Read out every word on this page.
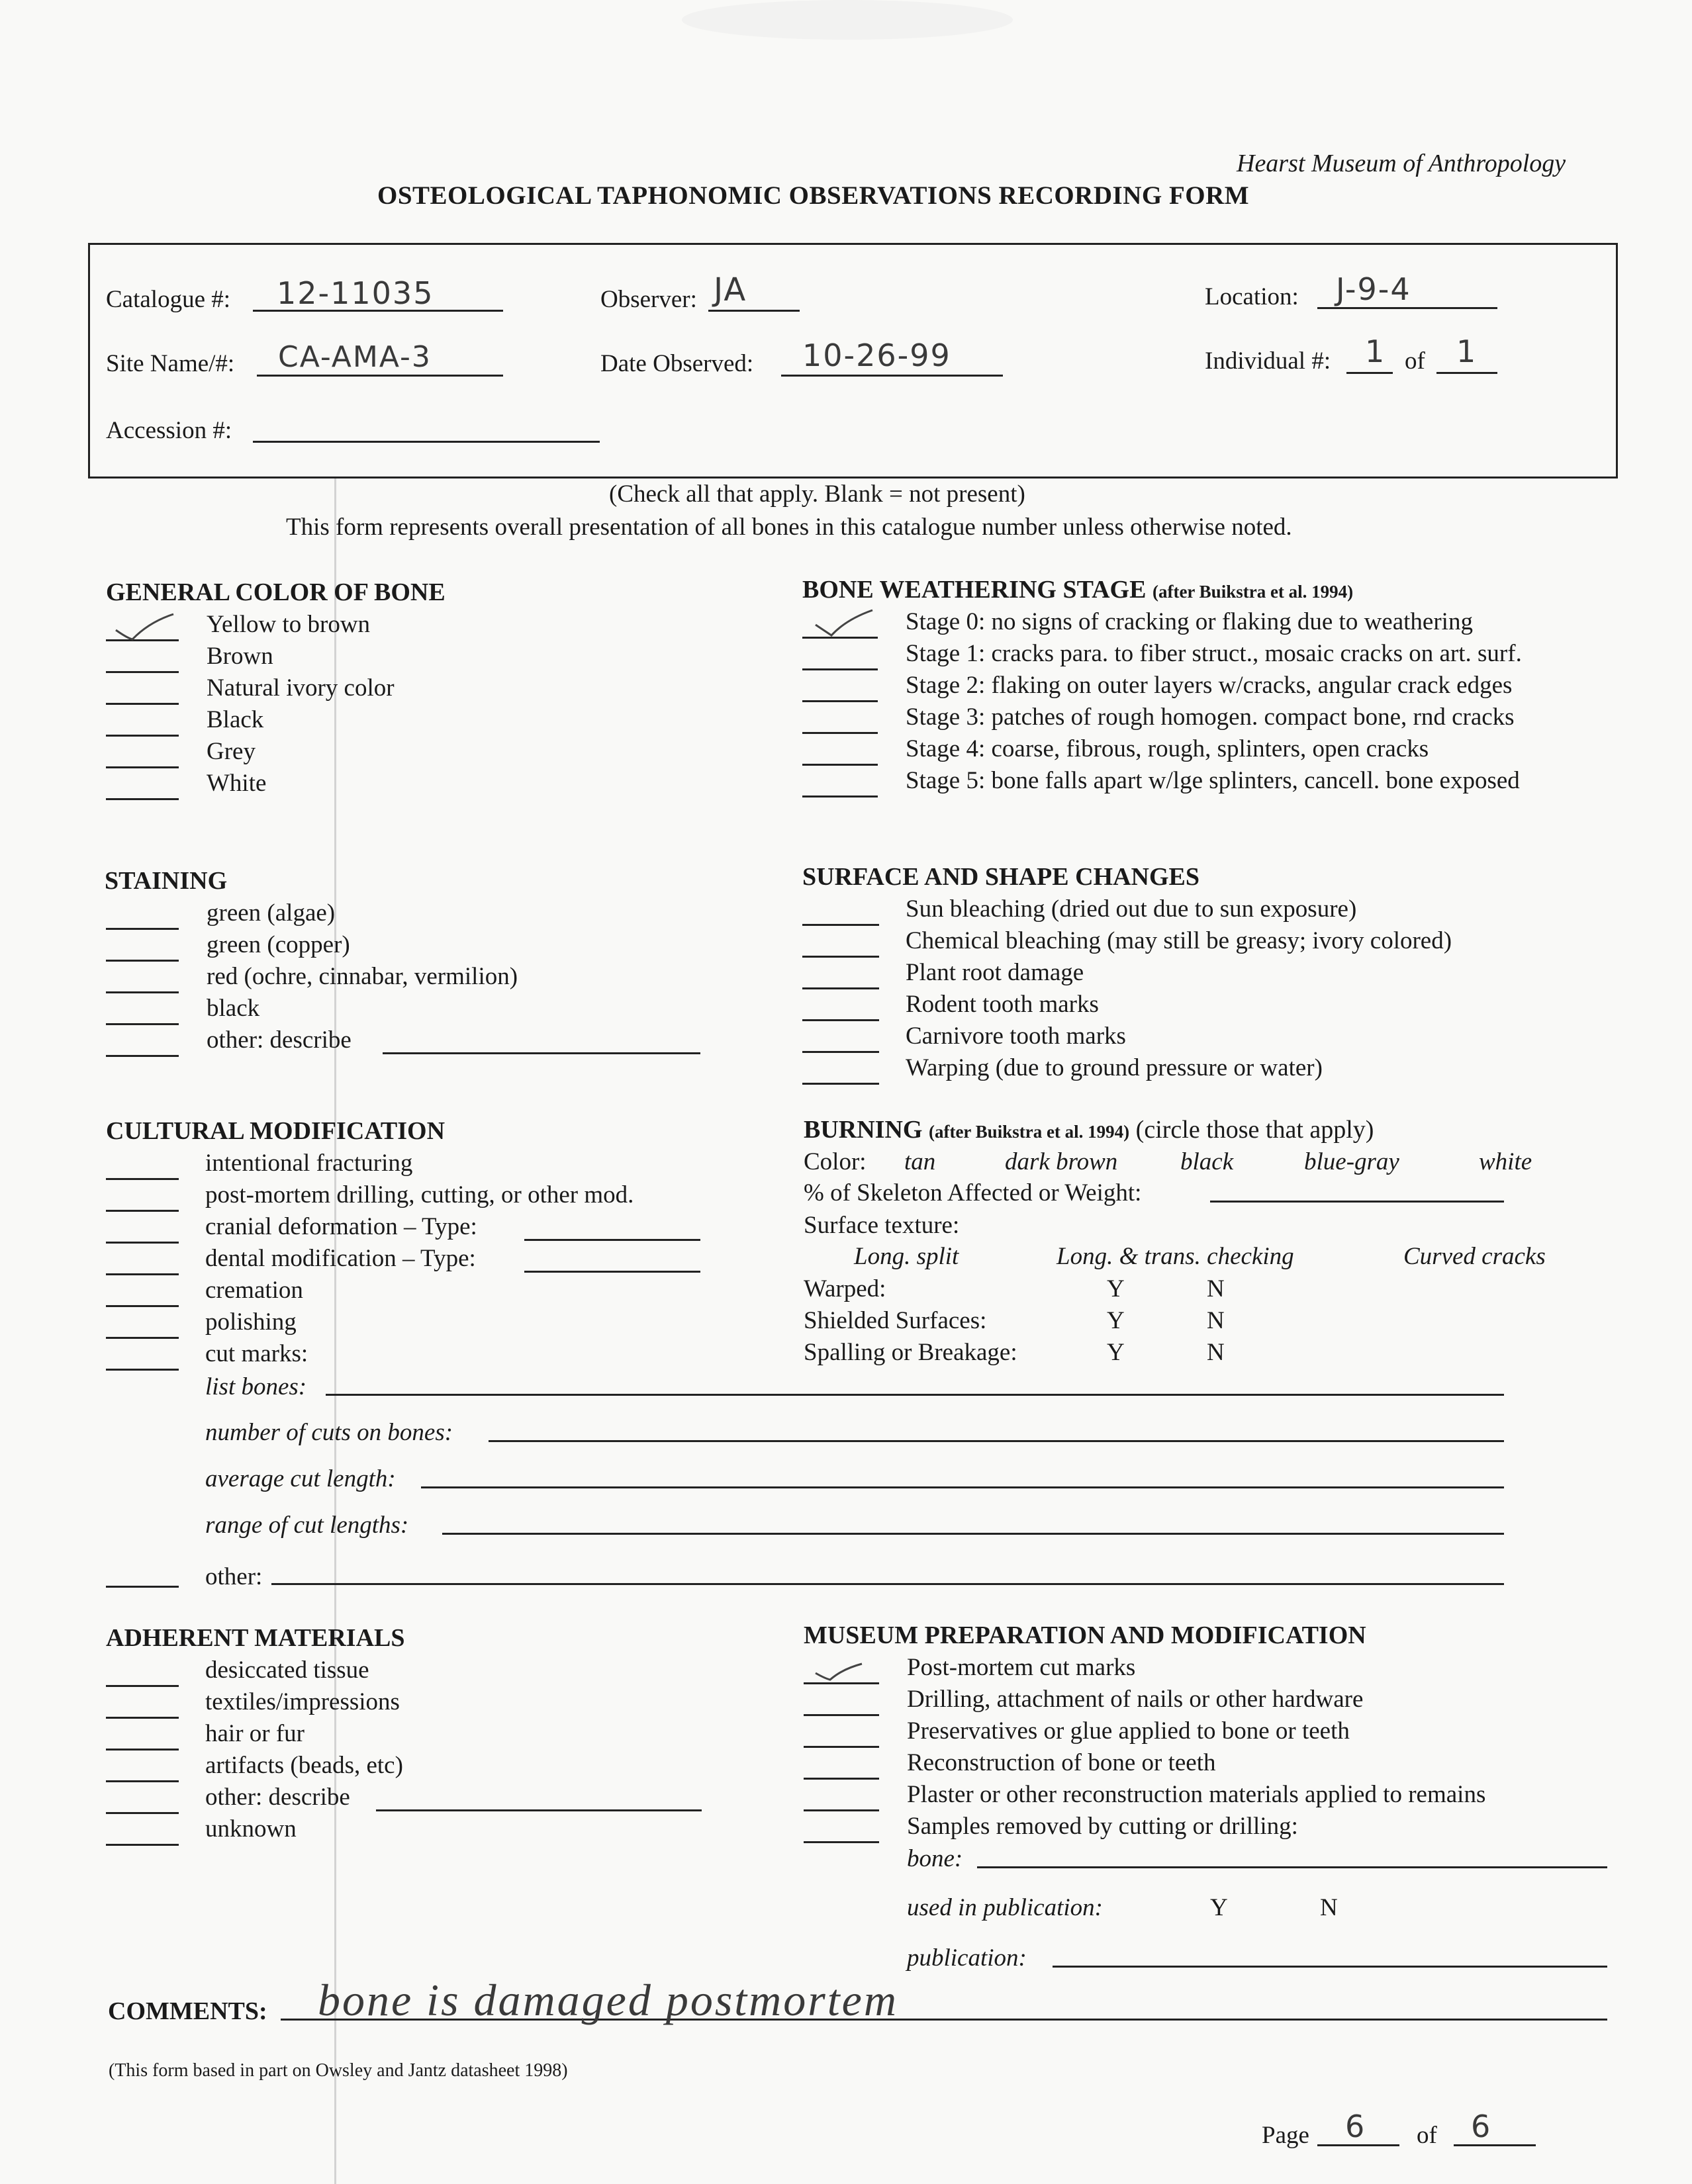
Hearst Museum of Anthropology
OSTEOLOGICAL TAPHONOMIC OBSERVATIONS RECORDING FORM
Catalogue #: 12-11035	Observer: JA	Location: J-9-4
Site Name/#: CA-AMA-3	Date Observed: 10-26-99	Individual #: 1 of 1
Accession #:
(Check all that apply. Blank = not present)
This form represents overall presentation of all bones in this catalogue number unless otherwise noted.
GENERAL COLOR OF BONE
Yellow to brown
Brown
Natural ivory color
Black
Grey
White
BONE WEATHERING STAGE (after Buikstra et al. 1994)
Stage 0: no signs of cracking or flaking due to weathering
Stage 1: cracks para. to fiber struct., mosaic cracks on art. surf.
Stage 2: flaking on outer layers w/cracks, angular crack edges
Stage 3: patches of rough homogen. compact bone, rnd cracks
Stage 4: coarse, fibrous, rough, splinters, open cracks
Stage 5: bone falls apart w/lge splinters, cancell. bone exposed
STAINING
green (algae)
green (copper)
red (ochre, cinnabar, vermilion)
black
other: describe
SURFACE AND SHAPE CHANGES
Sun bleaching (dried out due to sun exposure)
Chemical bleaching (may still be greasy; ivory colored)
Plant root damage
Rodent tooth marks
Carnivore tooth marks
Warping (due to ground pressure or water)
CULTURAL MODIFICATION
intentional fracturing
post-mortem drilling, cutting, or other mod.
cranial deformation – Type:
dental modification – Type:
cremation
polishing
cut marks:
list bones:
number of cuts on bones:
average cut length:
range of cut lengths:
other:
BURNING (after Buikstra et al. 1994) (circle those that apply)
Color: tan	dark brown	black	blue-gray	white
% of Skeleton Affected or Weight:
Surface texture:
Long. split	Long. & trans. checking	Curved cracks
Warped:	Y	N
Shielded Surfaces:	Y	N
Spalling or Breakage:	Y	N
ADHERENT MATERIALS
desiccated tissue
textiles/impressions
hair or fur
artifacts (beads, etc)
other: describe
unknown
MUSEUM PREPARATION AND MODIFICATION
Post-mortem cut marks
Drilling, attachment of nails or other hardware
Preservatives or glue applied to bone or teeth
Reconstruction of bone or teeth
Plaster or other reconstruction materials applied to remains
Samples removed by cutting or drilling:
bone:
used in publication:	Y	N
publication:
COMMENTS: bone is damaged postmortem
(This form based in part on Owsley and Jantz datasheet 1998)
Page 6 of 6
